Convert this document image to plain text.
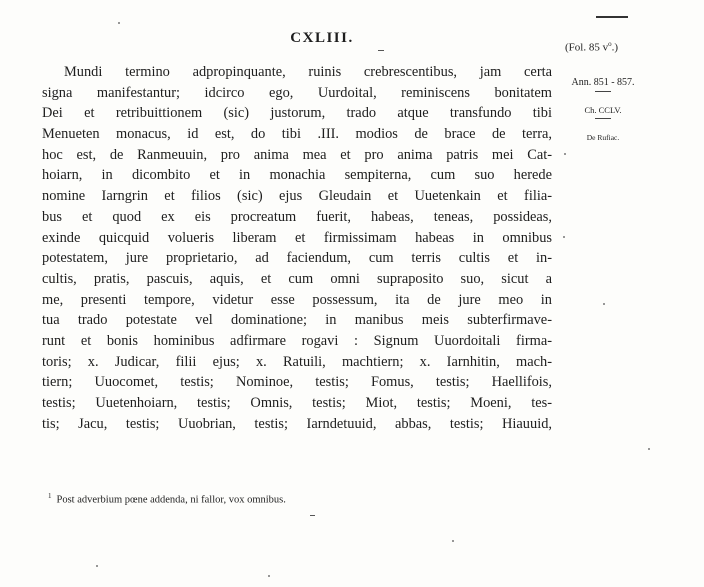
CXLIII.
(Fol. 85 $v^o$.)
Ann. 851 - 857.
Ch. CCLV.
De Rufiac.
Mundi termino adpropinquante, ruinis crebrescentibus, jam certa
signa manifestantur; idcirco ego, Uurdoital, reminiscens bonitatem
Dei et retribuittionem (sic) justorum, trado atque transfundo tibi
Menueten monacus, id est, do tibi .III. modios de brace de terra,
hoc est, de Ranmeuuin, pro anima mea et pro anima patris mei Cat-
hoiarn, in dicombito et in monachia sempiterna, cum suo herede
nomine Iarngrin et filios (sic) ejus Gleudain et Uuetenkain et filia-
bus et quod ex eis procreatum fuerit, habeas, teneas, possideas,
exinde quicquid volueris liberam et firmissimam habeas in omnibus
potestatem, jure proprietario, ad faciendum, cum terris cultis et in-
cultis, pratis, pascuis, aquis, et cum omni supraposito suo, sicut a
me, presenti tempore, videtur esse possessum, ita de jure meo in
tua trado potestate vel dominatione; in manibus meis subterfirmave-
runt et bonis hominibus adfirmare rogavi : Signum Uuordoitali firma-
toris; x. Judicar, filii ejus; x. Ratuili, machtiern; x. Iarnhitin, mach-
tiern; Uuocomet, testis; Nominoe, testis; Fomus, testis; Haellifois,
testis; Uuetenhoiarn, testis; Omnis, testis; Miot, testis; Moeni, tes-
tis; Jacu, testis; Uuobrian, testis; Iarndetuuid, abbas, testis; Hiauuid,
$^1$ Post adverbium pœne addenda, ni fallor, vox omnibus.
